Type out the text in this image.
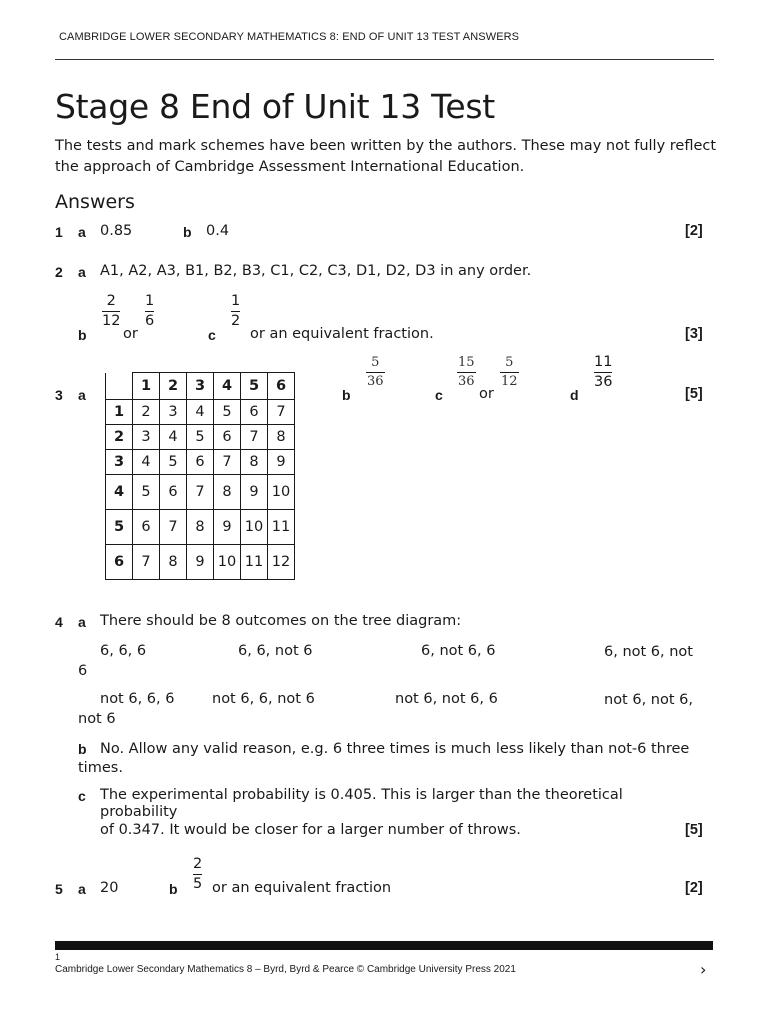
CAMBRIDGE LOWER SECONDARY MATHEMATICS 8: END OF UNIT 13 TEST ANSWERS
Stage 8 End of Unit 13 Test
The tests and mark schemes have been written by the authors. These may not fully reflect the approach of Cambridge Assessment International Education.
Answers
1 a 0.85	b 0.4	[2]
2 a A1, A2, A3, B1, B2, B3, C1, C2, C3, D1, D2, D3 in any order.
$\frac{2}{12} \frac{1}{6}$	$\frac{1}{2}$
b	or	c or an equivalent fraction.	[3]
3 a
	1	2	3	4	5	6
1	2	3	4	5	6	7
2	3	4	5	6	7	8
3	4	5	6	7	8	9
4	5	6	7	8	9	10
5	6	7	8	9	10	11
6	7	8	9	10	11	12
b
$\frac{5}{36}$
c
$\frac{15}{36}$
or
$\frac{5}{12}$
d
$\frac{11}{36}$
[5]
4 a There should be 8 outcomes on the tree diagram:
6, 6, 6	6, 6, not 6	6, not 6, 6	6, not 6, not 6
not 6, 6, 6	not 6, 6, not 6	not 6, not 6, 6	not 6, not 6, not 6
b No. Allow any valid reason, e.g. 6 three times is much less likely than not-6 three times.
c The experimental probability is 0.405. This is larger than the theoretical probability
of 0.347. It would be closer for a larger number of throws.	[5]
5 a 20	b $\frac{2}{5}$ or an equivalent fraction	[2]
1
Cambridge Lower Secondary Mathematics 8 – Byrd, Byrd & Pearce © Cambridge University Press 2021	›
